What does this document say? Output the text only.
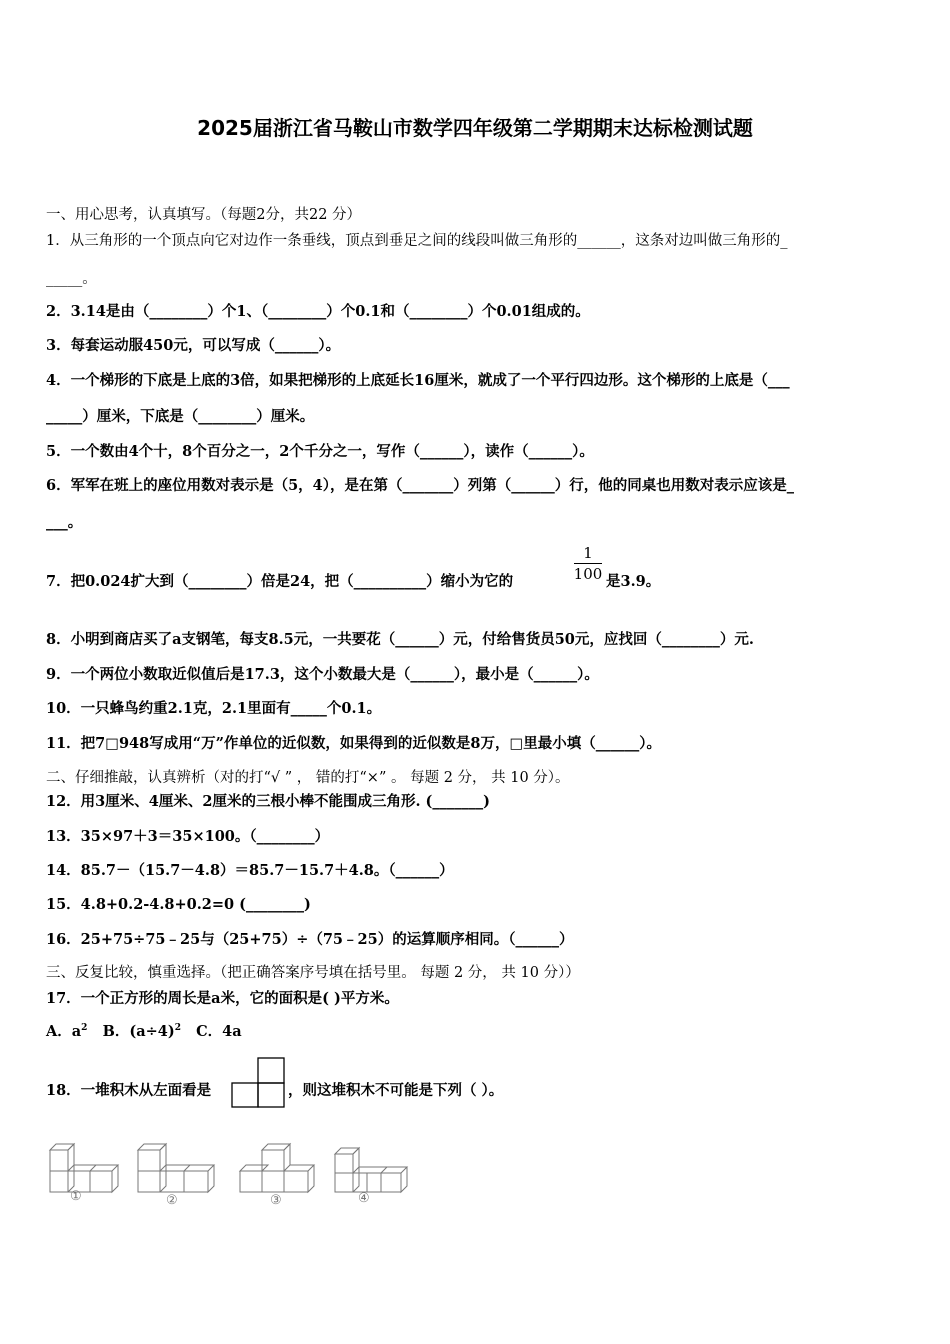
2025届浙江省马鞍山市数学四年级第二学期期末达标检测试题
一、用心思考，认真填写。（每题2分，共22 分）
1．从三角形的一个顶点向它对边作一条垂线，顶点到垂足之间的线段叫做三角形的______，这条对边叫做三角形的_
_____。
2．3.14是由（________）个1、（________）个0.1和（________）个0.01组成的。
3．每套运动服450元，可以写成（______）。
4．一个梯形的下底是上底的3倍，如果把梯形的上底延长16厘米，就成了一个平行四边形。这个梯形的上底是（___
_____）厘米，下底是（________）厘米。
5．一个数由4个十，8个百分之一，2个千分之一，写作（______），读作（______）。
6．军军在班上的座位用数对表示是（5，4），是在第（_______）列第（______）行，他的同桌也用数对表示应该是_
___。
7．把0.024扩大到（________）倍是24，把（__________）缩小为它的
1
100 是3.9。
8．小明到商店买了a支钢笔，每支8.5元，一共要花（______）元，付给售货员50元，应找回（________）元.
9．一个两位小数取近似值后是17.3，这个小数最大是（______），最小是（______）。
10．一只蜂鸟约重2.1克，2.1里面有_____个0.1。
11．把7□948写成用“万”作单位的近似数，如果得到的近似数是8万，□里最小填（______）。
二、仔细推敲，认真辨析（对的打“√ ” ， 错的打“×” 。 每题 2 分， 共 10 分）。
12．用3厘米、4厘米、2厘米的三根小棒不能围成三角形. (_______)
13．35×97＋3＝35×100。（________）
14．85.7－（15.7－4.8）＝85.7－15.7＋4.8。（______）
15．4.8+0.2-4.8+0.2=0 (________)
16．25+75÷75﹣25与（25+75）÷（75﹣25）的运算顺序相同。（______）
三、反复比较，慎重选择。（把正确答案序号填在括号里。 每题 2 分， 共 10 分））
17．一个正方形的周长是a米，它的面积是( )平方米。
A．$a^2$ B．$(a\div 4)^2$ C．4a
18．一堆积木从左面看是	，则这堆积木不可能是下列（ ）。
①	②	③	④
